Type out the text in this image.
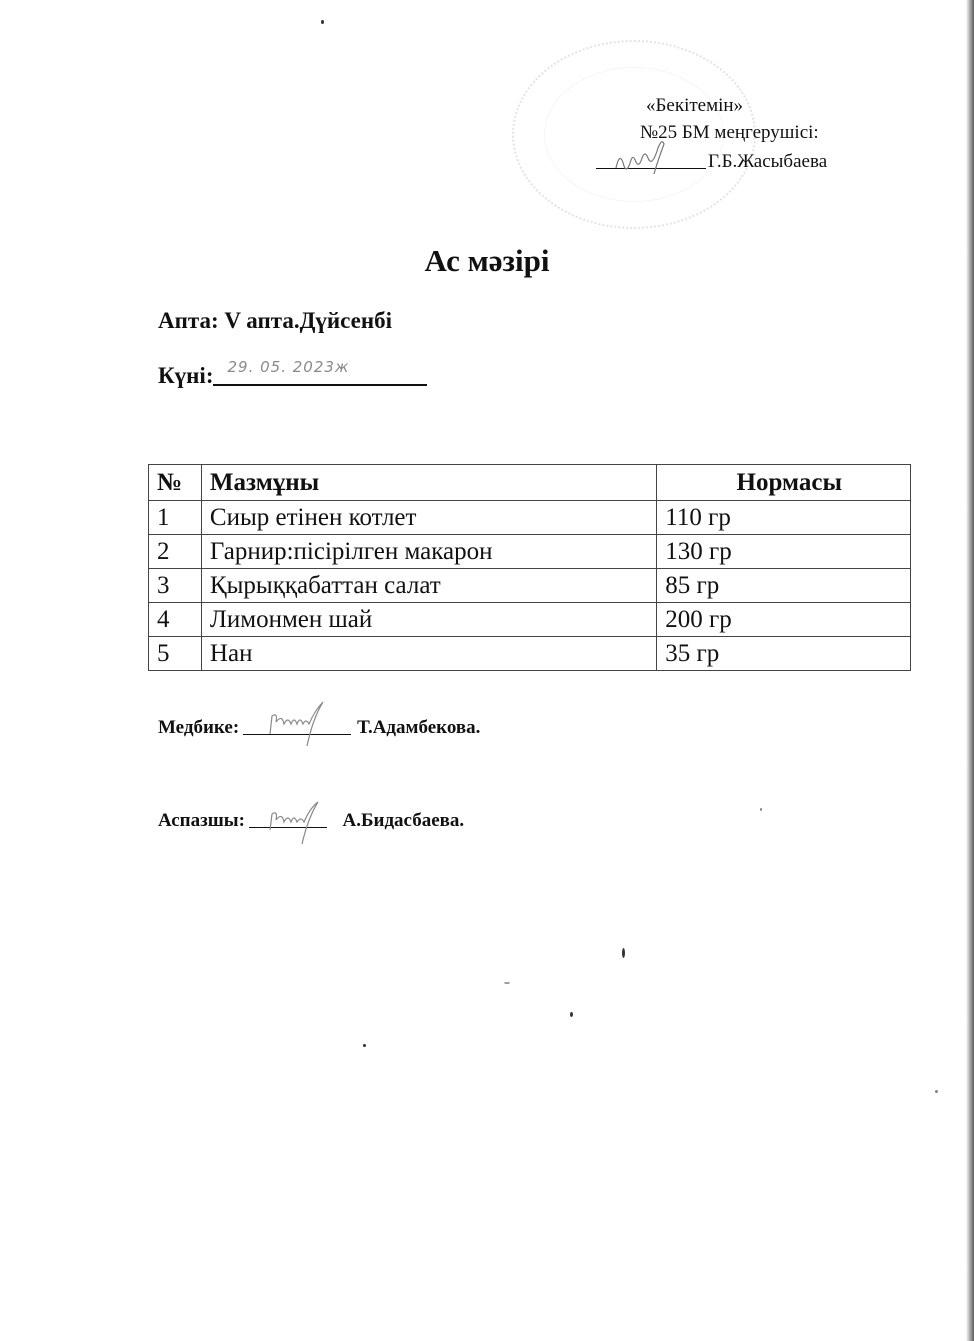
«Бекітемін»
№25 БМ меңгерушісі:
Г.Б.Жасыбаева
Ас мәзірі
Апта: V апта.Дүйсенбі
Күні: 29. 05. 2023ж
№	Мазмұны	Нормасы
1	Сиыр етінен котлет	110 гр
2	Гарнир:пісірілген макарон	130 гр
3	Қырыққабаттан салат	85 гр
4	Лимонмен шай	200 гр
5	Нан	35 гр
Медбике:	Т.Адамбекова.
Аспазшы:	А.Бидасбаева.
